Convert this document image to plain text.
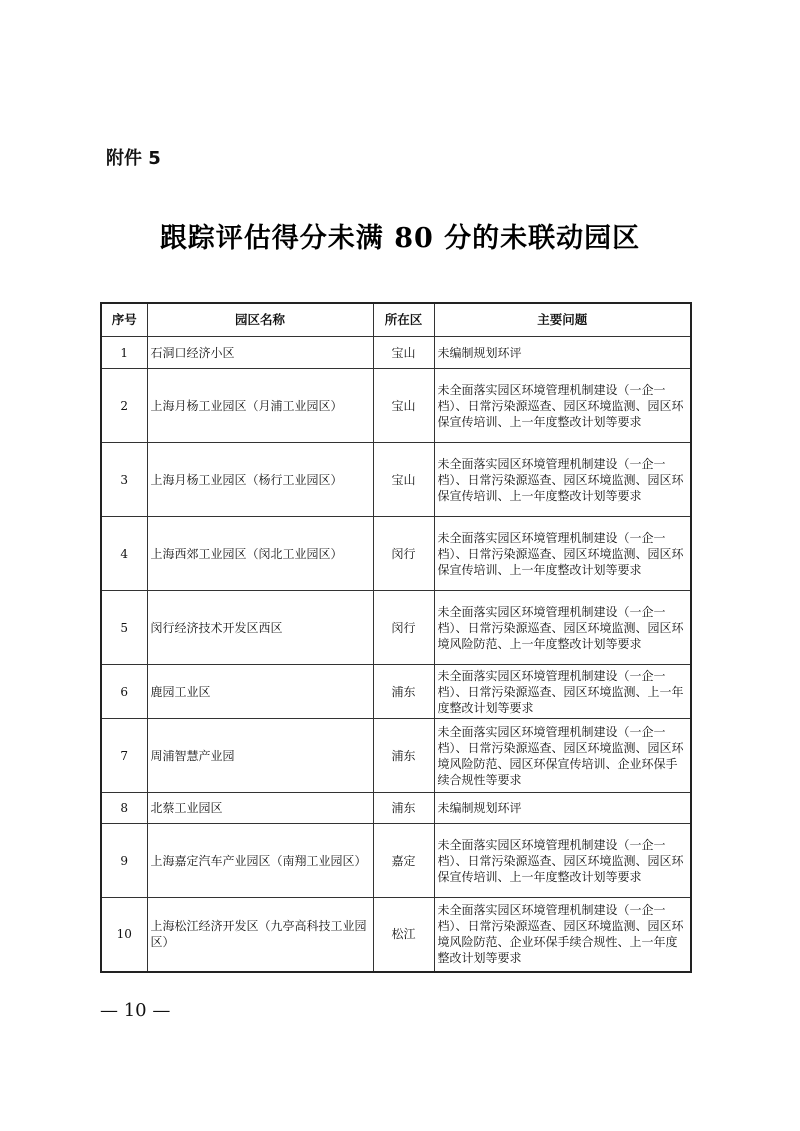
附件 5
跟踪评估得分未满 80 分的未联动园区
序号	园区名称	所在区	主要问题
1	石洞口经济小区	宝山	未编制规划环评
2	上海月杨工业园区（月浦工业园区）	宝山	未全面落实园区环境管理机制建设（一企一档）、日常污染源巡查、园区环境监测、园区环保宣传培训、上一年度整改计划等要求
3	上海月杨工业园区（杨行工业园区）	宝山	未全面落实园区环境管理机制建设（一企一档）、日常污染源巡查、园区环境监测、园区环保宣传培训、上一年度整改计划等要求
4	上海西郊工业园区（闵北工业园区）	闵行	未全面落实园区环境管理机制建设（一企一档）、日常污染源巡查、园区环境监测、园区环保宣传培训、上一年度整改计划等要求
5	闵行经济技术开发区西区	闵行	未全面落实园区环境管理机制建设（一企一档）、日常污染源巡查、园区环境监测、园区环境风险防范、上一年度整改计划等要求
6	鹿园工业区	浦东	未全面落实园区环境管理机制建设（一企一档）、日常污染源巡查、园区环境监测、上一年度整改计划等要求
7	周浦智慧产业园	浦东	未全面落实园区环境管理机制建设（一企一档）、日常污染源巡查、园区环境监测、园区环境风险防范、园区环保宣传培训、企业环保手续合规性等要求
8	北蔡工业园区	浦东	未编制规划环评
9	上海嘉定汽车产业园区（南翔工业园区）	嘉定	未全面落实园区环境管理机制建设（一企一档）、日常污染源巡查、园区环境监测、园区环保宣传培训、上一年度整改计划等要求
10	上海松江经济开发区（九亭高科技工业园区）	松江	未全面落实园区环境管理机制建设（一企一档）、日常污染源巡查、园区环境监测、园区环境风险防范、企业环保手续合规性、上一年度整改计划等要求
— 10 —
